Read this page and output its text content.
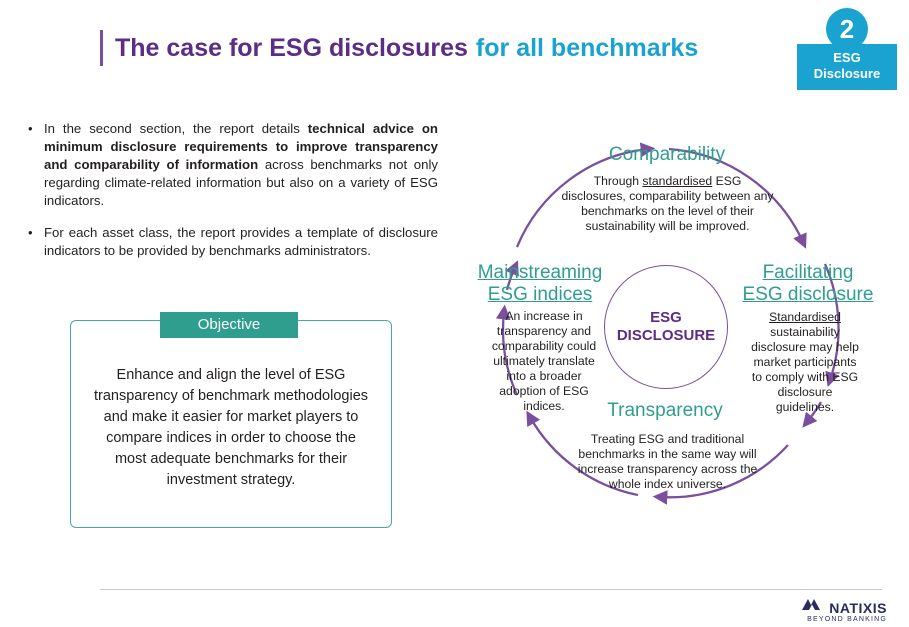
The case for ESG disclosures for all benchmarks
2
ESG
Disclosure
• In the second section, the report details technical advice on minimum disclosure requirements to improve transparency and comparability of information across benchmarks not only regarding climate-related information but also on a variety of ESG indicators.
• For each asset class, the report provides a template of disclosure indicators to be provided by benchmarks administrators.
Enhance and align the level of ESG transparency of benchmark methodologies and make it easier for market players to compare indices in order to choose the most adequate benchmarks for their investment strategy.
Objective
Comparability
Through standardised ESG disclosures, comparability between any benchmarks on the level of their sustainability will be improved.
Facilitating
ESG disclosure
Standardised sustainability disclosure may help market participants to comply with ESG disclosure guidelines.
Transparency
Treating ESG and traditional benchmarks in the same way will increase transparency across the whole index universe.
Mainstreaming
ESG indices
An increase in transparency and comparability could ultimately translate into a broader adoption of ESG indices.
ESG
DISCLOSURE
NATIXIS
BEYOND BANKING
